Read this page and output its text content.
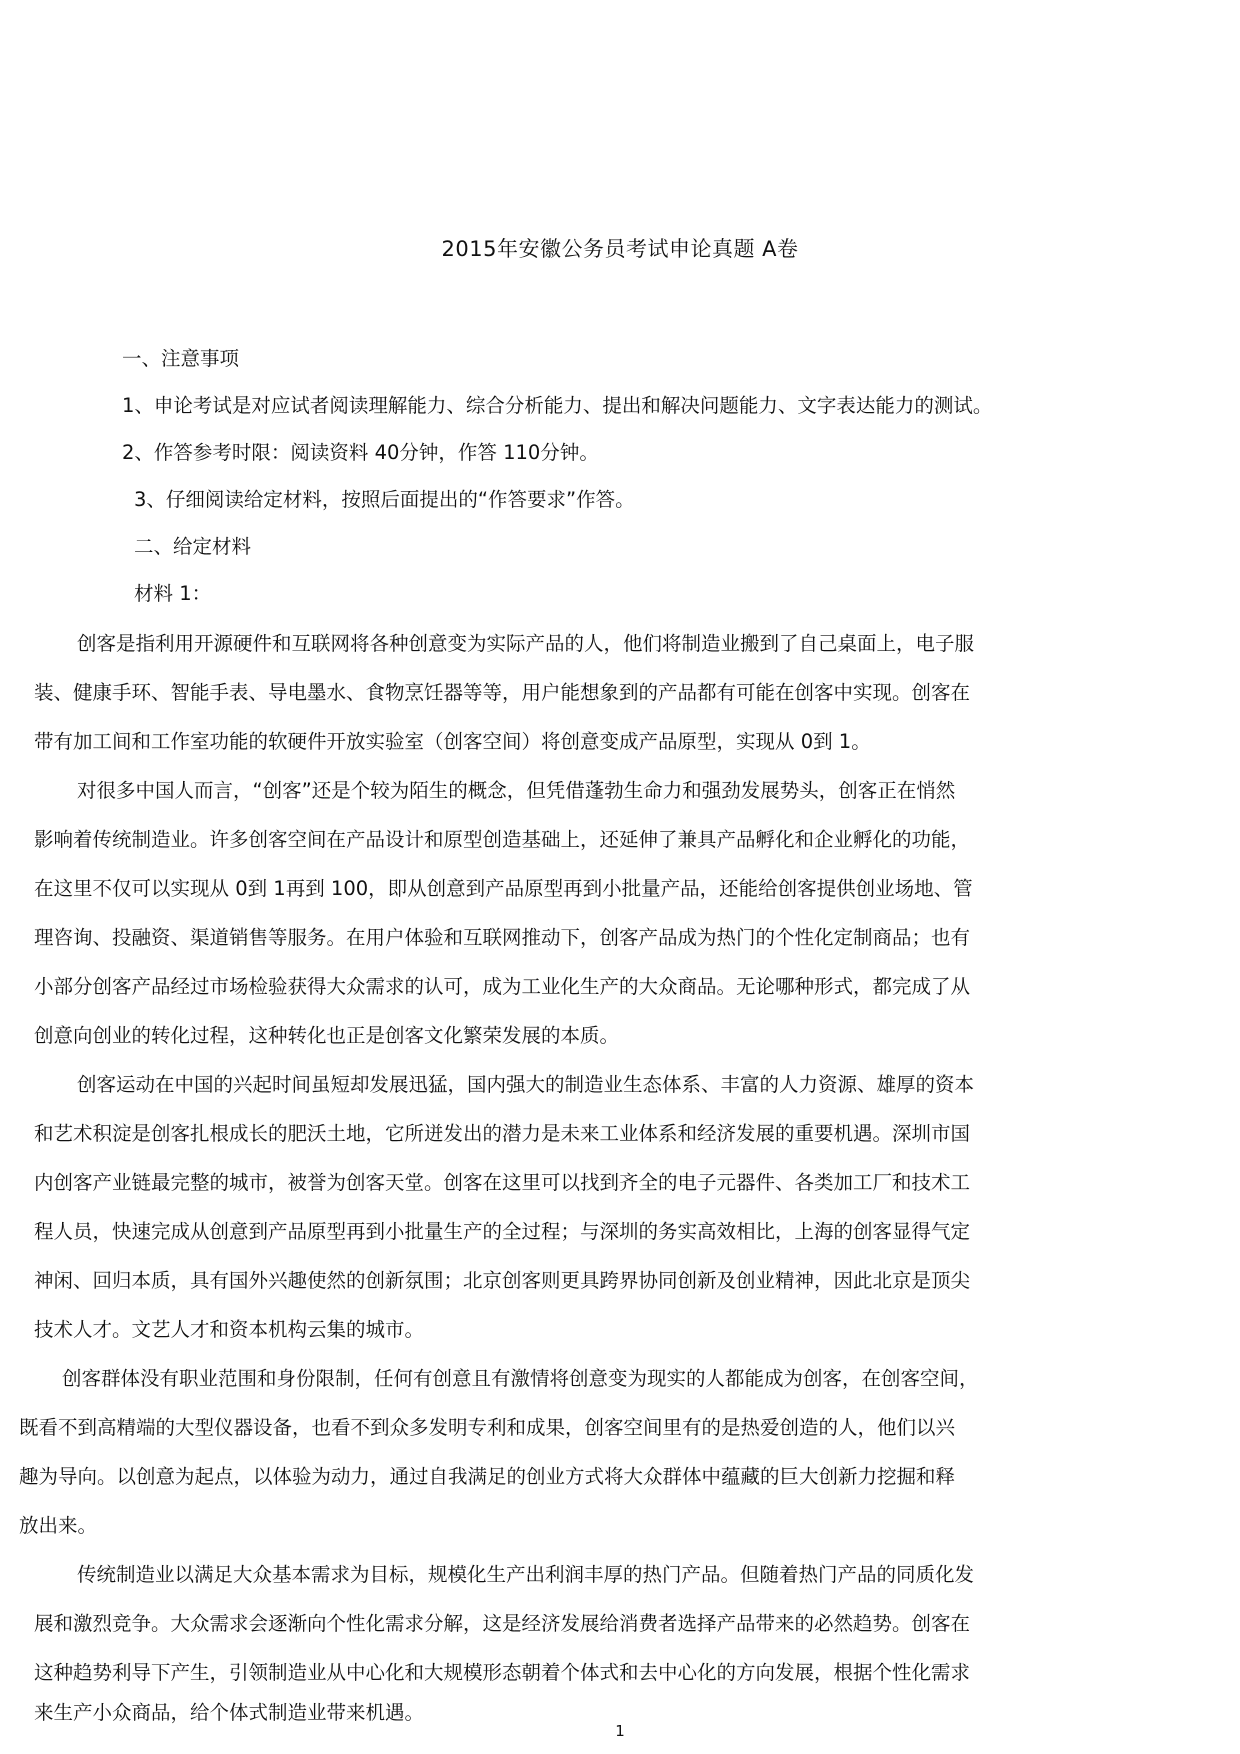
2015年安徽公务员考试申论真题 A卷
一、注意事项
1、申论考试是对应试者阅读理解能力、综合分析能力、提出和解决问题能力、文字表达能力的测试。
2、作答参考时限：阅读资料 40分钟，作答 110分钟。
3、仔细阅读给定材料，按照后面提出的“作答要求”作答。
二、给定材料
材料 1：
创客是指利用开源硬件和互联网将各种创意变为实际产品的人，他们将制造业搬到了自己桌面上，电子服
装、健康手环、智能手表、导电墨水、食物烹饪器等等，用户能想象到的产品都有可能在创客中实现。创客在
带有加工间和工作室功能的软硬件开放实验室（创客空间）将创意变成产品原型，实现从 0到 1。
对很多中国人而言，“创客”还是个较为陌生的概念，但凭借蓬勃生命力和强劲发展势头，创客正在悄然
影响着传统制造业。许多创客空间在产品设计和原型创造基础上，还延伸了兼具产品孵化和企业孵化的功能，
在这里不仅可以实现从 0到 1再到 100，即从创意到产品原型再到小批量产品，还能给创客提供创业场地、管
理咨询、投融资、渠道销售等服务。在用户体验和互联网推动下，创客产品成为热门的个性化定制商品；也有
小部分创客产品经过市场检验获得大众需求的认可，成为工业化生产的大众商品。无论哪种形式，都完成了从
创意向创业的转化过程，这种转化也正是创客文化繁荣发展的本质。
创客运动在中国的兴起时间虽短却发展迅猛，国内强大的制造业生态体系、丰富的人力资源、雄厚的资本
和艺术积淀是创客扎根成长的肥沃土地，它所迸发出的潜力是未来工业体系和经济发展的重要机遇。深圳市国
内创客产业链最完整的城市，被誉为创客天堂。创客在这里可以找到齐全的电子元器件、各类加工厂和技术工
程人员，快速完成从创意到产品原型再到小批量生产的全过程；与深圳的务实高效相比，上海的创客显得气定
神闲、回归本质，具有国外兴趣使然的创新氛围；北京创客则更具跨界协同创新及创业精神，因此北京是顶尖
技术人才。文艺人才和资本机构云集的城市。
创客群体没有职业范围和身份限制，任何有创意且有激情将创意变为现实的人都能成为创客，在创客空间，
既看不到高精端的大型仪器设备，也看不到众多发明专利和成果，创客空间里有的是热爱创造的人，他们以兴
趣为导向。以创意为起点，以体验为动力，通过自我满足的创业方式将大众群体中蕴藏的巨大创新力挖掘和释
放出来。
传统制造业以满足大众基本需求为目标，规模化生产出利润丰厚的热门产品。但随着热门产品的同质化发
展和激烈竞争。大众需求会逐渐向个性化需求分解，这是经济发展给消费者选择产品带来的必然趋势。创客在
这种趋势利导下产生，引领制造业从中心化和大规模形态朝着个体式和去中心化的方向发展，根据个性化需求
来生产小众商品，给个体式制造业带来机遇。
1
